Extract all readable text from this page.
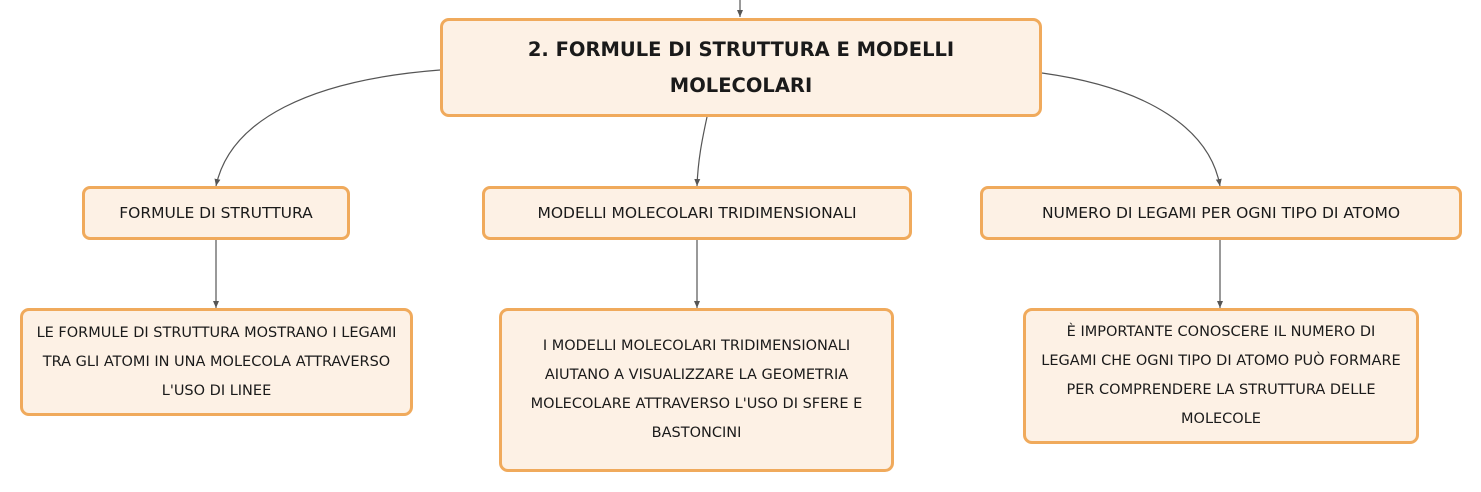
2. FORMULE DI STRUTTURA E MODELLI MOLECOLARI
FORMULE DI STRUTTURA	MODELLI MOLECOLARI TRIDIMENSIONALI	NUMERO DI LEGAMI PER OGNI TIPO DI ATOMO
LE FORMULE DI STRUTTURA MOSTRANO I LEGAMI TRA GLI ATOMI IN UNA MOLECOLA ATTRAVERSO L'USO DI LINEE
I MODELLI MOLECOLARI TRIDIMENSIONALI AIUTANO A VISUALIZZARE LA GEOMETRIA MOLECOLARE ATTRAVERSO L'USO DI SFERE E BASTONCINI
È IMPORTANTE CONOSCERE IL NUMERO DI LEGAMI CHE OGNI TIPO DI ATOMO PUÒ FORMARE PER COMPRENDERE LA STRUTTURA DELLE MOLECOLE
